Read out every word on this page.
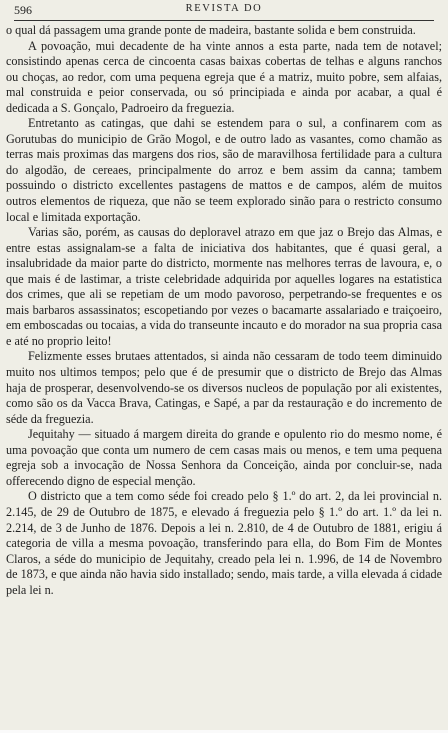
596	REVISTA DO

o qual dá passagem uma grande ponte de madeira, bastante solida e bem construida.

A povoação, mui decadente de ha vinte annos a esta parte, nada tem de notavel; consistindo apenas cerca de cincoenta casas baixas cobertas de telhas e alguns ranchos ou choças, ao redor, com uma pequena egreja que é a matriz, muito pobre, sem alfaias, mal construida e peior conservada, ou só principiada e ainda por acabar, a qual é dedicada a S. Gonçalo, Padroeiro da freguezia.

Entretanto as catingas, que dahi se estendem para o sul, a confinarem com as Gorutubas do municipio de Grão Mogol, e de outro lado as vasantes, como chamão as terras mais proximas das margens dos rios, são de maravilhosa fertilidade para a cultura do algodão, de cereaes, principalmente do arroz e bem assim da canna; tambem possuindo o districto excellentes pastagens de mattos e de campos, além de muitos outros elementos de riqueza, que não se teem explorado sinão para o restricto consumo local e limitada exportação.

Varias são, porém, as causas do deploravel atrazo em que jaz o Brejo das Almas, e entre estas assignalam-se a falta de iniciativa dos habitantes, que é quasi geral, a insalubridade da maior parte do districto, mormente nas melhores terras de lavoura, e, o que mais é de lastimar, a triste celebridade adquirida por aquelles logares na estatistica dos crimes, que ali se repetiam de um modo pavoroso, perpetrando-se frequentes e os mais barbaros assassinatos; escopetiando por vezes o bacamarte assalariado e traiçoeiro, em emboscadas ou tocaias, a vida do transeunte incauto e do morador na sua propria casa e até no proprio leito!

Felizmente esses brutaes attentados, si ainda não cessaram de todo teem diminuido muito nos ultimos tempos; pelo que é de presumir que o districto de Brejo das Almas haja de prosperar, desenvolvendo-se os diversos nucleos de população por ali existentes, como são os da Vacca Brava, Catingas, e Sapé, a par da restauração e do incremento de séde da freguezia.

Jequitahy — situado á margem direita do grande e opulento rio do mesmo nome, é uma povoação que conta um numero de cem casas mais ou menos, e tem uma pequena egreja sob a invocação de Nossa Senhora da Conceição, ainda por concluir-se, nada offerecendo digno de especial menção.

O districto que a tem como séde foi creado pelo § 1.º do art. 2, da lei provincial n. 2.145, de 29 de Outubro de 1875, e elevado á freguezia pelo § 1.º do art. 1.º da lei n. 2.214, de 3 de Junho de 1876. Depois a lei n. 2.810, de 4 de Outubro de 1881, erigiu á categoria de villa a mesma povoação, transferindo para ella, do Bom Fim de Montes Claros, a séde do municipio de Jequitahy, creado pela lei n. 1.996, de 14 de Novembro de 1873, e que ainda não havia sido installado; sendo, mais tarde, a villa elevada á cidade pela lei n.
